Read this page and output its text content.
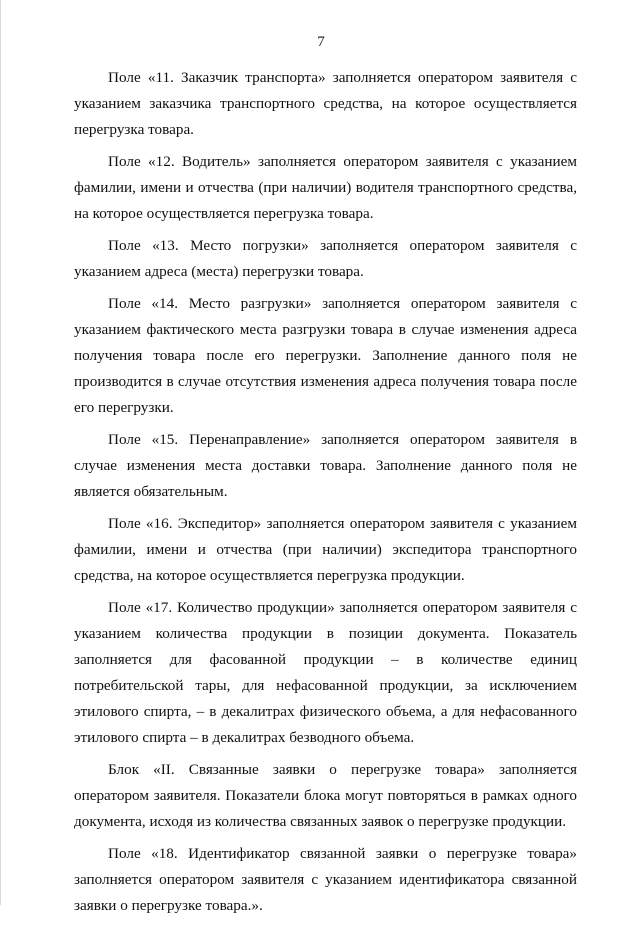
7

Поле «11. Заказчик транспорта» заполняется оператором заявителя с указанием заказчика транспортного средства, на которое осуществляется перегрузка товара.

Поле «12. Водитель» заполняется оператором заявителя с указанием фамилии, имени и отчества (при наличии) водителя транспортного средства, на которое осуществляется перегрузка товара.

Поле «13. Место погрузки» заполняется оператором заявителя с указанием адреса (места) перегрузки товара.

Поле «14. Место разгрузки» заполняется оператором заявителя с указанием фактического места разгрузки товара в случае изменения адреса получения товара после его перегрузки. Заполнение данного поля не производится в случае отсутствия изменения адреса получения товара после его перегрузки.

Поле «15. Перенаправление» заполняется оператором заявителя в случае изменения места доставки товара. Заполнение данного поля не является обязательным.

Поле «16. Экспедитор» заполняется оператором заявителя с указанием фамилии, имени и отчества (при наличии) экспедитора транспортного средства, на которое осуществляется перегрузка продукции.

Поле «17. Количество продукции» заполняется оператором заявителя с указанием количества продукции в позиции документа. Показатель заполняется для фасованной продукции – в количестве единиц потребительской тары, для нефасованной продукции, за исключением этилового спирта, – в декалитрах физического объема, а для нефасованного этилового спирта – в декалитрах безводного объема.

Блок «II. Связанные заявки о перегрузке товара» заполняется оператором заявителя. Показатели блока могут повторяться в рамках одного документа, исходя из количества связанных заявок о перегрузке продукции.

Поле «18. Идентификатор связанной заявки о перегрузке товара» заполняется оператором заявителя с указанием идентификатора связанной заявки о перегрузке товара.».
